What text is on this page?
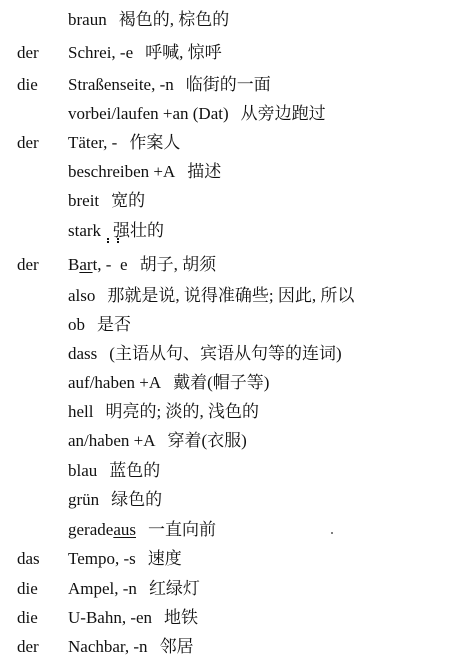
braun 褐色的, 棕色的
der	Schrei, -e 呼喊, 惊呼
die	Straßenseite, -n 临街的一面
vorbei/laufen +an (Dat) 从旁边跑过
der	Täter, - 作案人
beschreiben +A 描述
breit 宽的
stark 强壮的
der	Bart, - e 胡子, 胡须
also 那就是说, 说得准确些; 因此, 所以
ob 是否
dass (主语从句、宾语从句等的连词)
auf/haben +A 戴着(帽子等)
hell 明亮的; 淡的, 浅色的
an/haben +A 穿着(衣服)
blau 蓝色的
grün 绿色的
geradeaus 一直向前
das	Tempo, -s 速度
die	Ampel, -n 红绿灯
die	U-Bahn, -en 地铁
der	Nachbar, -n 邻居
